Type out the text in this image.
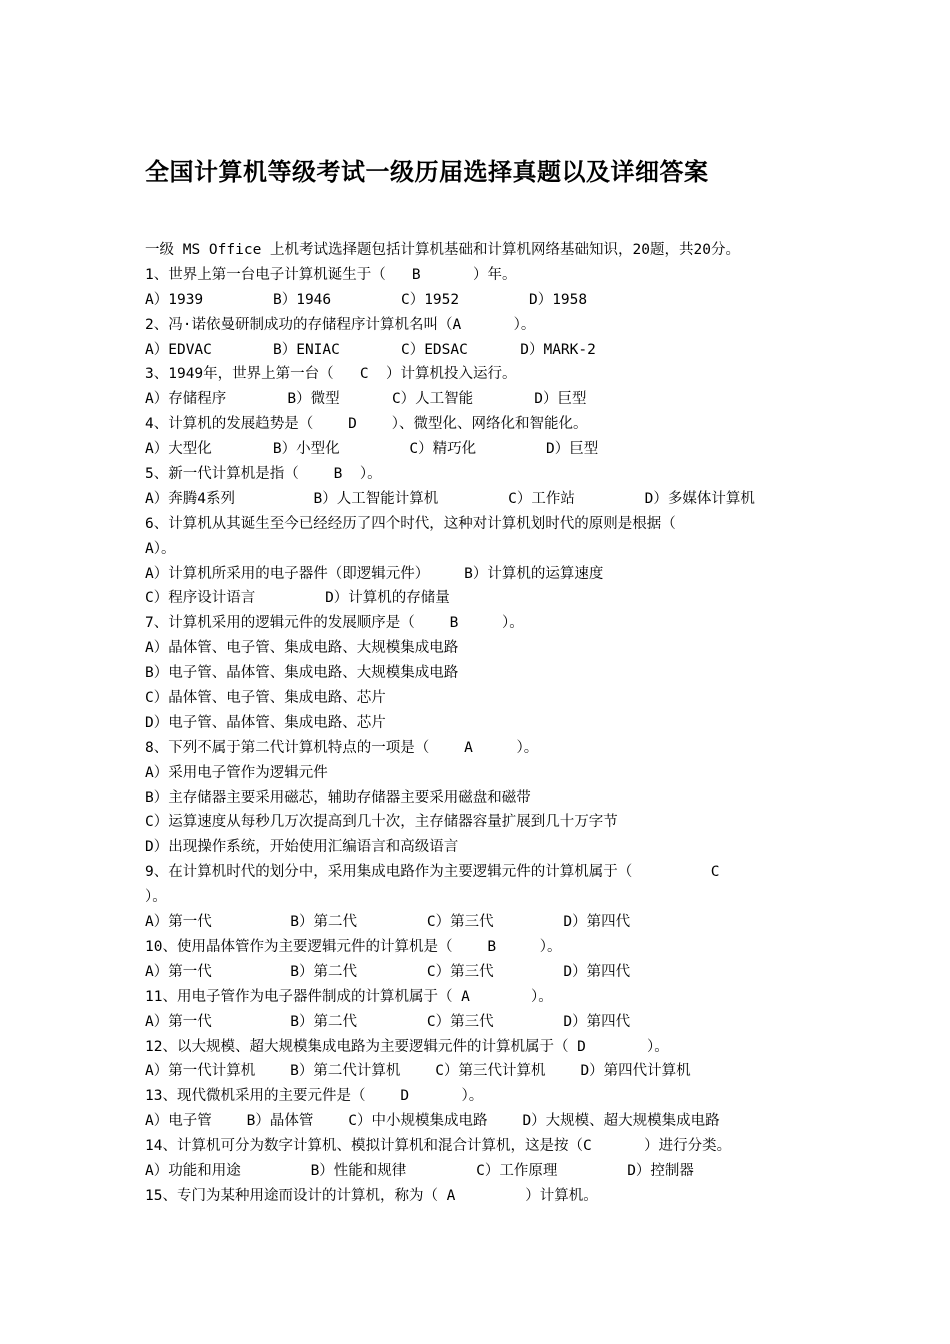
全国计算机等级考试一级历届选择真题以及详细答案
一级 MS Office 上机考试选择题包括计算机基础和计算机网络基础知识，20题，共20分。
1、世界上第一台电子计算机诞生于（   B      ）年。
A）1939        B）1946        C）1952        D）1958
2、冯·诺依曼研制成功的存储程序计算机名叫（A      ）。
A）EDVAC       B）ENIAC       C）EDSAC      D）MARK-2
3、1949年，世界上第一台（   C  ）计算机投入运行。
A）存储程序       B）微型      C）人工智能       D）巨型
4、计算机的发展趋势是（    D    ）、微型化、网络化和智能化。
A）大型化       B）小型化        C）精巧化        D）巨型
5、新一代计算机是指（    B  ）。
A）奔腾4系列         B）人工智能计算机        C）工作站        D）多媒体计算机
6、计算机从其诞生至今已经经历了四个时代，这种对计算机划时代的原则是根据（
A）。
A）计算机所采用的电子器件（即逻辑元件）    B）计算机的运算速度
C）程序设计语言        D）计算机的存储量
7、计算机采用的逻辑元件的发展顺序是（    B     ）。
A）晶体管、电子管、集成电路、大规模集成电路
B）电子管、晶体管、集成电路、大规模集成电路
C）晶体管、电子管、集成电路、芯片
D）电子管、晶体管、集成电路、芯片
8、下列不属于第二代计算机特点的一项是（    A     ）。
A）采用电子管作为逻辑元件
B）主存储器主要采用磁芯，辅助存储器主要采用磁盘和磁带
C）运算速度从每秒几万次提高到几十次，主存储器容量扩展到几十万字节
D）出现操作系统，开始使用汇编语言和高级语言
9、在计算机时代的划分中，采用集成电路作为主要逻辑元件的计算机属于（         C
）。
A）第一代         B）第二代        C）第三代        D）第四代
10、使用晶体管作为主要逻辑元件的计算机是（    B     ）。
A）第一代         B）第二代        C）第三代        D）第四代
11、用电子管作为电子器件制成的计算机属于（ A       ）。
A）第一代         B）第二代        C）第三代        D）第四代
12、以大规模、超大规模集成电路为主要逻辑元件的计算机属于（ D       ）。
A）第一代计算机    B）第二代计算机    C）第三代计算机    D）第四代计算机
13、现代微机采用的主要元件是（    D      ）。
A）电子管    B）晶体管    C）中小规模集成电路    D）大规模、超大规模集成电路
14、计算机可分为数字计算机、模拟计算机和混合计算机，这是按（C      ）进行分类。
A）功能和用途        B）性能和规律        C）工作原理        D）控制器
15、专门为某种用途而设计的计算机，称为（ A        ）计算机。
